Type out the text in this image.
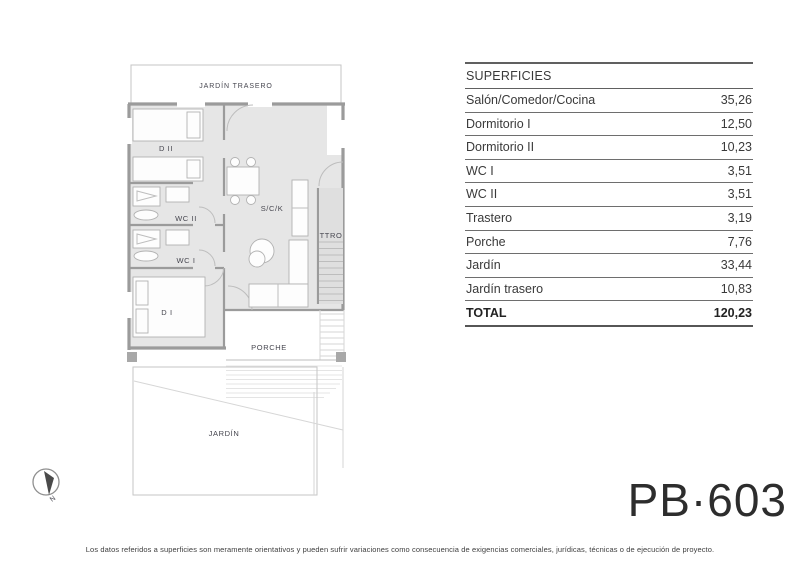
JARDÍN TRASERO
JARDÍN
D II
WC II
WC I
D I
S/C/K
TTRO
PORCHE
N
SUPERFICIES
Salón/Comedor/Cocina	35,26
Dormitorio I	12,50
Dormitorio II	10,23
WC I	3,51
WC II	3,51
Trastero	3,19
Porche	7,76
Jardín	33,44
Jardín trasero	10,83
TOTAL	120,23
PB·603
Los datos referidos a superficies son meramente orientativos y pueden sufrir variaciones como consecuencia de exigencias comerciales, jurídicas, técnicas o de ejecución de proyecto.
